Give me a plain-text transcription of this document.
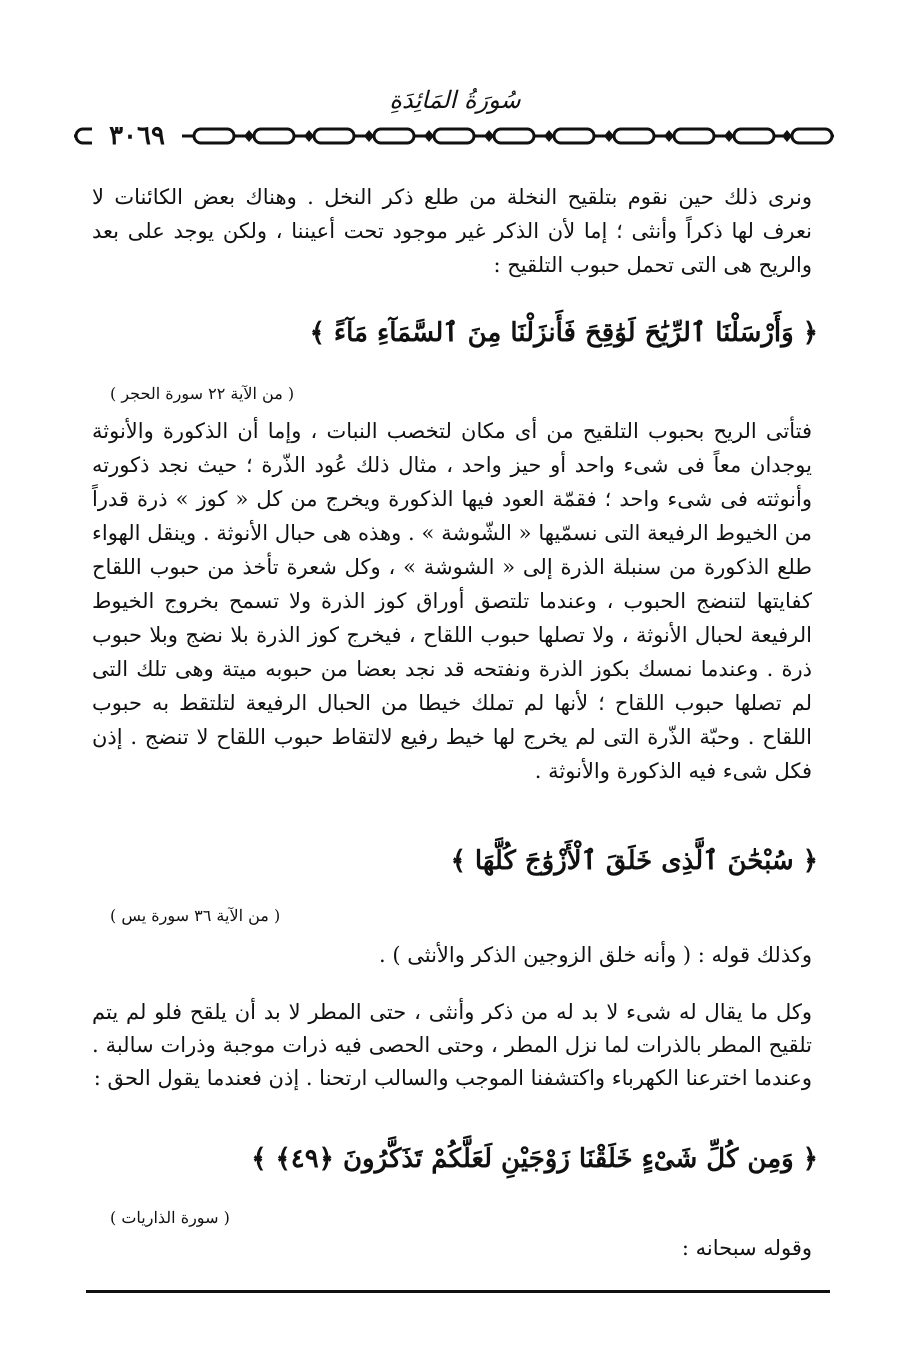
سُورَةُ المَائِدَةِ
٣٠٦٩

ونرى ذلك حين نقوم بتلقيح النخلة من طلع ذكر النخل . وهناك بعض الكائنات لا نعرف لها ذكراً وأنثى ؛ إما لأن الذكر غير موجود تحت أعيننا ، ولكن يوجد على بعد والريح هى التى تحمل حبوب التلقيح :

﴿ وَأَرْسَلْنَا ٱلرِّيَٰحَ لَوَٰقِحَ فَأَنزَلْنَا مِنَ ٱلسَّمَآءِ مَآءً ﴾

( من الآية ٢٢ سورة الحجر )

فتأتى الريح بحبوب التلقيح من أى مكان لتخصب النبات ، وإما أن الذكورة والأنوثة يوجدان معاً فى شىء واحد أو حيز واحد ، مثال ذلك عُود الذّرة ؛ حيث نجد ذكورته وأنوثته فى شىء واحد ؛ فقمّة العود فيها الذكورة ويخرج من كل « كوز » ذرة قدراً من الخيوط الرفيعة التى نسمّيها « الشّوشة » . وهذه هى حبال الأنوثة . وينقل الهواء طلع الذكورة من سنبلة الذرة إلى « الشوشة » ، وكل شعرة تأخذ من حبوب اللقاح كفايتها لتنضج الحبوب ، وعندما تلتصق أوراق كوز الذرة ولا تسمح بخروج الخيوط الرفيعة لحبال الأنوثة ، ولا تصلها حبوب اللقاح ، فيخرج كوز الذرة بلا نضج وبلا حبوب ذرة . وعندما نمسك بكوز الذرة ونفتحه قد نجد بعضا من حبوبه ميتة وهى تلك التى لم تصلها حبوب اللقاح ؛ لأنها لم تملك خيطا من الحبال الرفيعة لتلتقط به حبوب اللقاح . وحبّة الذّرة التى لم يخرج لها خيط رفيع لالتقاط حبوب اللقاح لا تنضج . إذن فكل شىء فيه الذكورة والأنوثة .

﴿ سُبْحَٰنَ ٱلَّذِى خَلَقَ ٱلْأَزْوَٰجَ كُلَّهَا ﴾

( من الآية ٣٦ سورة يس )

وكذلك قوله : ( وأنه خلق الزوجين الذكر والأنثى ) .

وكل ما يقال له شىء لا بد له من ذكر وأنثى ، حتى المطر لا بد أن يلقح فلو لم يتم تلقيح المطر بالذرات لما نزل المطر ، وحتى الحصى فيه ذرات موجبة وذرات سالبة . وعندما اخترعنا الكهرباء واكتشفنا الموجب والسالب ارتحنا . إذن فعندما يقول الحق :

﴿ وَمِن كُلِّ شَىْءٍ خَلَقْنَا زَوْجَيْنِ لَعَلَّكُمْ تَذَكَّرُونَ ﴿٤٩﴾ ﴾

( سورة الذاريات )

وقوله سبحانه :
